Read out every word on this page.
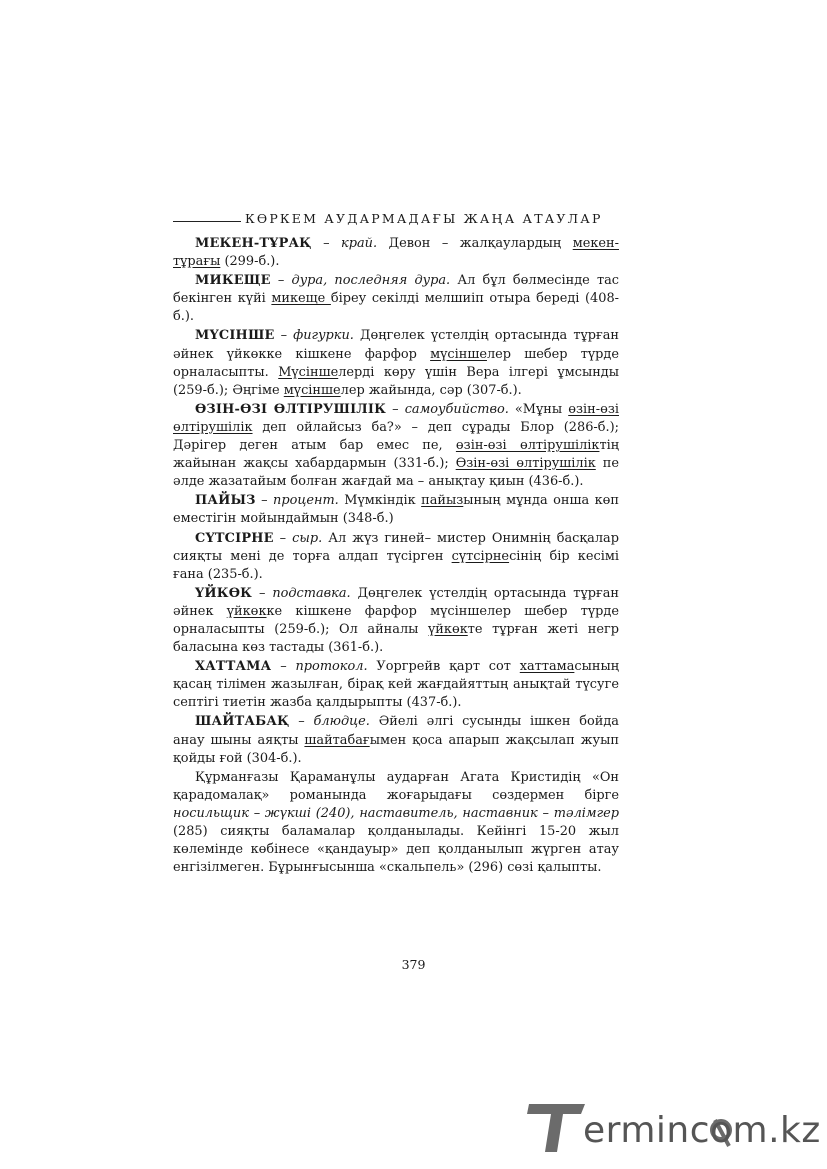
КӨРКЕМ АУДАРМАДАҒЫ ЖАҢА АТАУЛАР

МЕКЕН-ТҰРАҚ – край. Девон – жалқаулардың мекен-тұрағы (299-б.).

МИКЕЩЕ – дура, последняя дура. Ал бұл бөлмесінде тас бекінген күйі микеще біреу секілді мелшиіп отыра береді (408-б.).

МҮСІНШЕ – фигурки. Дөңгелек үстелдің ортасында тұрған әйнек үйкөкке кішкене фарфор мүсіншелер шебер түрде орналасыпты. Мүсіншелерді көру үшін Вера ілгері ұмсынды (259-б.); Әңгіме мүсіншелер жайында, сәр (307-б.).

ӨЗІН-ӨЗІ ӨЛТІРУШІЛІК – самоубийство. «Мұны өзін-өзі өлтірушілік деп ойлайсыз ба?» – деп сұрады Блор (286-б.); Дәрігер деген атым бар емес пе, өзін-өзі өлтірушіліктің жайынан жақсы хабардармын (331-б.); Өзін-өзі өлтірушілік пе әлде жазатайым болған жағдай ма – анықтау қиын (436-б.).

ПАЙЫЗ – процент. Мүмкіндік пайызының мұнда онша көп еместігін мойындаймын (348-б.)

СҮТСІРНЕ – сыр. Ал жүз гиней– мистер Онимнің басқалар сияқты мені де торға алдап түсірген сүтсірнесінің бір кесімі ғана (235-б.).

ҮЙКӨК – подставка. Дөңгелек үстелдің ортасында тұрған әйнек үйкөкке кішкене фарфор мүсіншелер шебер түрде орналасыпты (259-б.); Ол айналы үйкөкте тұрған жеті негр баласына көз тастады (361-б.).

ХАТТАМА – протокол. Уоргрейв қарт сот хаттамасының қасаң тілімен жазылған, бірақ кей жағдайяттың анықтай түсуге септігі тиетін жазба қалдырыпты (437-б.).

ШАЙТАБАҚ – блюдце. Әйелі әлгі сусынды ішкен бойда анау шыны аяқты шайтабағымен қоса апарып жақсылап жуып қойды ғой (304-б.).

Құрманғазы Қараманұлы аударған Агата Кристидің «Он қарадомалақ» романында жоғарыдағы сөздермен бірге носильщик – жүкші (240), наставитель, наставник – тәлімгер (285) сияқты баламалар қолданылады. Кейінгі 15-20 жыл көлемінде көбінесе «қандауыр» деп қолданылып жүрген атау енгізілмеген. Бұрынғысынша «скальпель» (296) сөзі қалыпты.

379
ermincom.kz
